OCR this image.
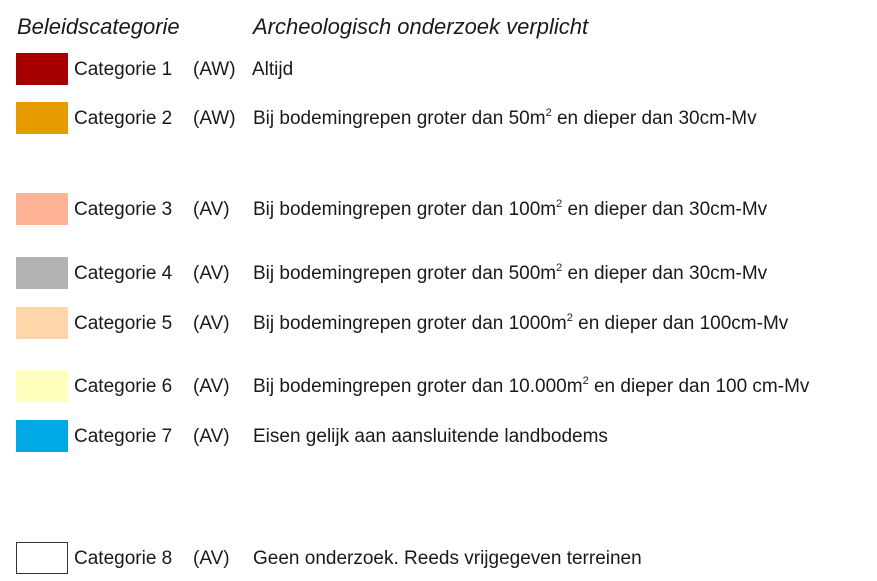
Beleidscategorie	Archeologisch onderzoek verplicht
Categorie 1 (AW) Altijd
Categorie 2 (AW) Bij bodemingrepen groter dan $50m^2$ en dieper dan 30cm-Mv
Categorie 3 (AV) Bij bodemingrepen groter dan $100m^2$ en dieper dan 30cm-Mv
Categorie 4 (AV) Bij bodemingrepen groter dan $500m^2$ en dieper dan 30cm-Mv
Categorie 5 (AV) Bij bodemingrepen groter dan $1000m^2$ en dieper dan 100cm-Mv
Categorie 6 (AV) Bij bodemingrepen groter dan $10.000m^2$ en dieper dan 100 cm-Mv
Categorie 7 (AV) Eisen gelijk aan aansluitende landbodems
Categorie 8 (AV) Geen onderzoek. Reeds vrijgegeven terreinen
